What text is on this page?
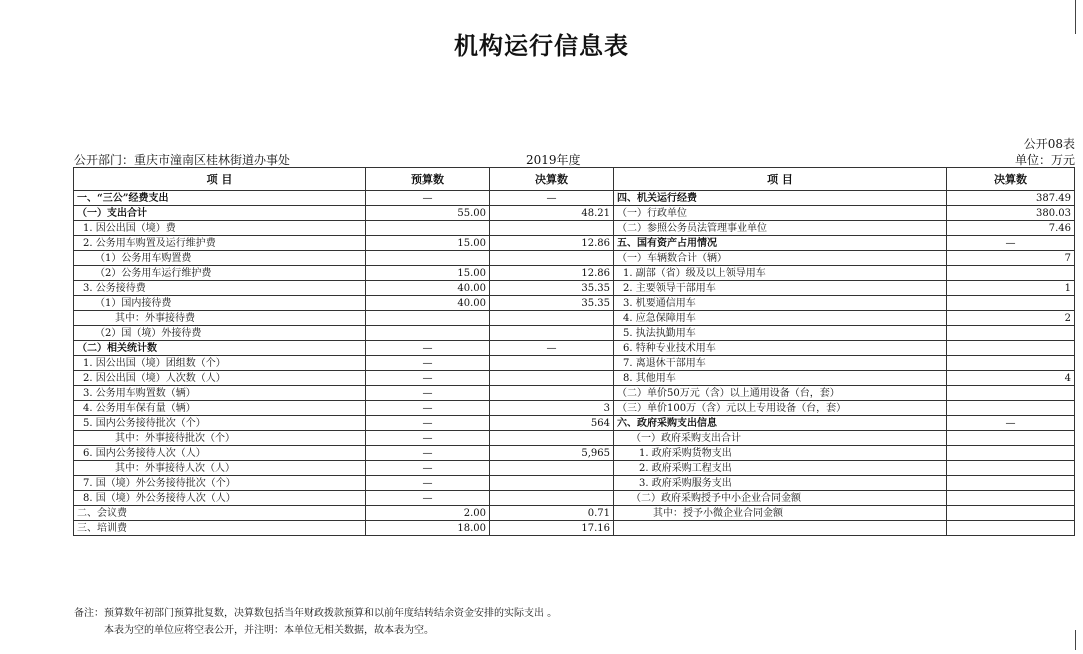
机构运行信息表
公开08表
公开部门：重庆市潼南区桂林街道办事处	2019年度	单位：万元
项 目	预算数	决算数	项 目	决算数
一、“三公”经费支出	—	—	四、机关运行经费	387.49
（一）支出合计	55.00	48.21	（一）行政单位	380.03
1. 因公出国（境）费			（二）参照公务员法管理事业单位	7.46
2. 公务用车购置及运行维护费	15.00	12.86	五、国有资产占用情况	—
（1）公务用车购置费			（一）车辆数合计（辆）	7
（2）公务用车运行维护费	15.00	12.86	1. 副部（省）级及以上领导用车	
3. 公务接待费	40.00	35.35	2. 主要领导干部用车	1
（1）国内接待费	40.00	35.35	3. 机要通信用车	
其中：外事接待费			4. 应急保障用车	2
（2）国（境）外接待费			5. 执法执勤用车	
（二）相关统计数	—	—	6. 特种专业技术用车	
1. 因公出国（境）团组数（个）	—		7. 离退休干部用车	
2. 因公出国（境）人次数（人）	—		8. 其他用车	4
3. 公务用车购置数（辆）	—		（二）单价50万元（含）以上通用设备（台，套）	
4. 公务用车保有量（辆）	—	3	（三）单价100万（含）元以上专用设备（台，套）	
5. 国内公务接待批次（个）	—	564	六、政府采购支出信息	—
其中：外事接待批次（个）	—		（一）政府采购支出合计	
6. 国内公务接待人次（人）	—	5,965	1. 政府采购货物支出	
其中：外事接待人次（人）	—		2. 政府采购工程支出	
7. 国（境）外公务接待批次（个）	—		3. 政府采购服务支出	
8. 国（境）外公务接待人次（人）	—		（二）政府采购授予中小企业合同金额	
二、会议费	2.00	0.71	其中：授予小微企业合同金额	
三、培训费	18.00	17.16		
备注：预算数年初部门预算批复数，决算数包括当年财政拨款预算和以前年度结转结余资金安排的实际支出 。
本表为空的单位应将空表公开，并注明：本单位无相关数据，故本表为空。
